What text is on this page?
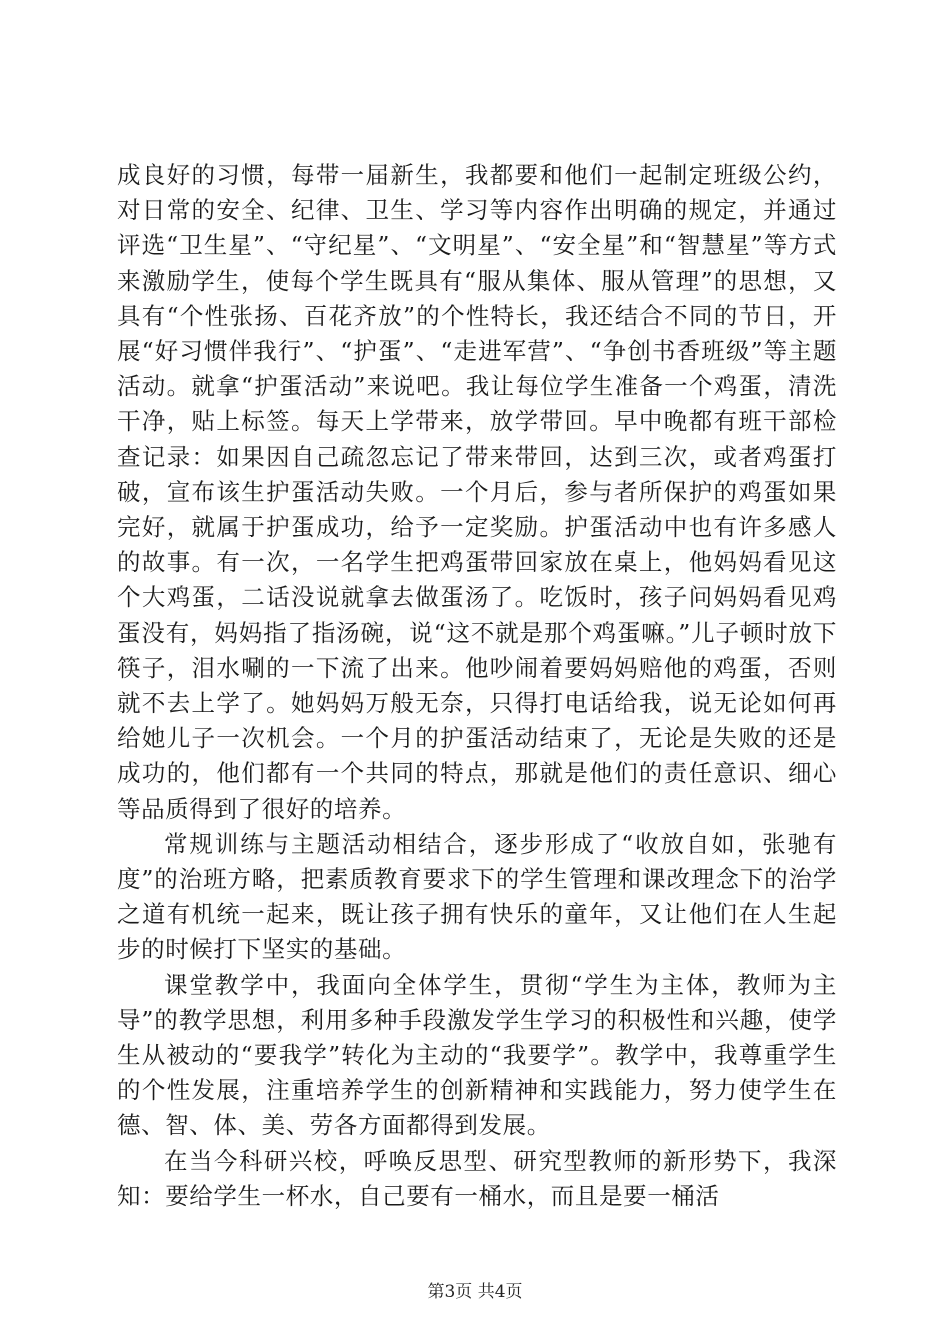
成良好的习惯，每带一届新生，我都要和他们一起制定班级公约，对日常的安全、纪律、卫生、学习等内容作出明确的规定，并通过评选“卫生星”、“守纪星”、“文明星”、“安全星”和“智慧星”等方式来激励学生，使每个学生既具有“服从集体、服从管理”的思想，又具有“个性张扬、百花齐放”的个性特长，我还结合不同的节日，开展“好习惯伴我行”、“护蛋”、“走进军营”、“争创书香班级”等主题活动。就拿“护蛋活动”来说吧。我让每位学生准备一个鸡蛋，清洗干净，贴上标签。每天上学带来，放学带回。早中晚都有班干部检查记录：如果因自己疏忽忘记了带来带回，达到三次，或者鸡蛋打破，宣布该生护蛋活动失败。一个月后，参与者所保护的鸡蛋如果完好，就属于护蛋成功，给予一定奖励。护蛋活动中也有许多感人的故事。有一次，一名学生把鸡蛋带回家放在桌上，他妈妈看见这个大鸡蛋，二话没说就拿去做蛋汤了。吃饭时，孩子问妈妈看见鸡蛋没有，妈妈指了指汤碗，说“这不就是那个鸡蛋嘛。”儿子顿时放下筷子，泪水唰的一下流了出来。他吵闹着要妈妈赔他的鸡蛋，否则就不去上学了。她妈妈万般无奈，只得打电话给我，说无论如何再给她儿子一次机会。一个月的护蛋活动结束了，无论是失败的还是成功的，他们都有一个共同的特点，那就是他们的责任意识、细心等品质得到了很好的培养。

常规训练与主题活动相结合，逐步形成了“收放自如，张驰有度”的治班方略，把素质教育要求下的学生管理和课改理念下的治学之道有机统一起来，既让孩子拥有快乐的童年，又让他们在人生起步的时候打下坚实的基础。

课堂教学中，我面向全体学生，贯彻“学生为主体，教师为主导”的教学思想，利用多种手段激发学生学习的积极性和兴趣，使学生从被动的“要我学”转化为主动的“我要学”。教学中，我尊重学生的个性发展，注重培养学生的创新精神和实践能力，努力使学生在德、智、体、美、劳各方面都得到发展。

在当今科研兴校，呼唤反思型、研究型教师的新形势下，我深知：要给学生一杯水，自己要有一桶水，而且是要一桶活

第3页 共4页
